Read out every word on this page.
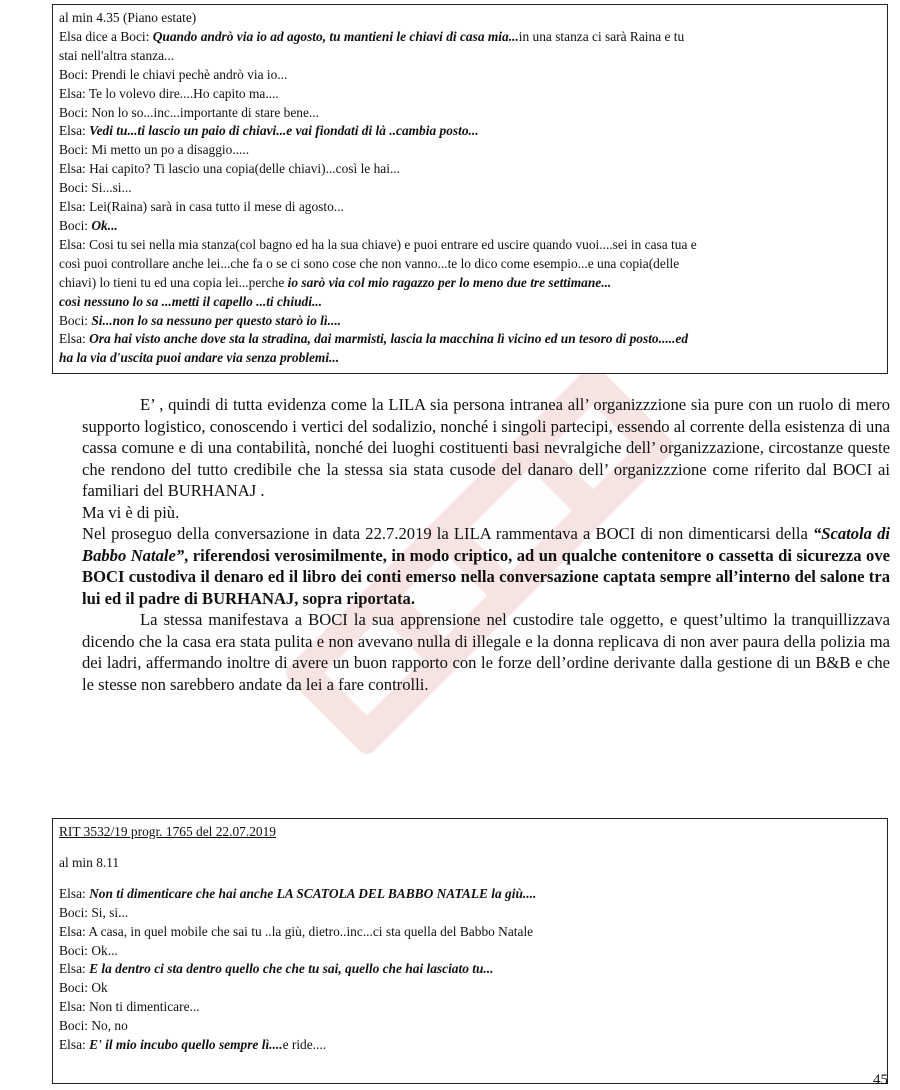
al min 4.35 (Piano estate)
Elsa dice a Boci: Quando andrò via io ad agosto, tu mantieni le chiavi di casa mia...in una stanza ci sarà Raina e tu
stai nell'altra stanza...
Boci: Prendi le chiavi pechè andrò via io...
Elsa: Te lo volevo dire....Ho capito ma....
Boci: Non lo so...inc...importante di stare bene...
Elsa: Vedi tu...ti lascio un paio di chiavi...e vai fiondati di là ..cambia posto...
Boci: Mi metto un po a disaggio.....
Elsa: Hai capito? Ti lascio una copia(delle chiavi)...così le hai...
Boci: Si...si...
Elsa: Lei(Raina) sarà in casa tutto il mese di agosto...
Boci: Ok...
Elsa: Cosi tu sei nella mia stanza(col bagno ed ha la sua chiave) e puoi entrare ed uscire quando vuoi....sei in casa tua e
così puoi controllare anche lei...che fa o se ci sono cose che non vanno...te lo dico come esempio...e una copia(delle
chiavi) lo tieni tu ed una copia lei...perche io sarò via col mio ragazzo per lo meno due tre settimane...
così nessuno lo sa ...metti il capello ...ti chiudi...
Boci: Si...non lo sa nessuno per questo starò io lì....
Elsa: Ora hai visto anche dove sta la stradina, dai marmisti, lascia la macchina lì vicino ed un tesoro di posto.....ed
ha la via d'uscita puoi andare via senza problemi...

E’ , quindi di tutta evidenza come la LILA sia persona intranea all’ organizzzione sia pure con un ruolo di mero supporto logistico, conoscendo i vertici del sodalizio, nonché i singoli partecipi, essendo al corrente della esistenza di una cassa comune e di una contabilità, nonché dei luoghi costituenti basi nevralgiche dell’ organizzazione, circostanze queste che rendono del tutto credibile che la stessa sia stata cusode del danaro dell’ organizzzione come riferito dal BOCI ai familiari del BURHANAJ .

Ma vi è di più.

Nel proseguo della conversazione in data 22.7.2019 la LILA rammentava a BOCI di non dimenticarsi della “Scatola di Babbo Natale”, riferendosi verosimilmente, in modo criptico, ad un qualche contenitore o cassetta di sicurezza ove BOCI custodiva il denaro ed il libro dei conti emerso nella conversazione captata sempre all’interno del salone tra lui ed il padre di BURHANAJ, sopra riportata.

La stessa manifestava a BOCI la sua apprensione nel custodire tale oggetto, e quest’ultimo la tranquillizzava dicendo che la casa era stata pulita e non avevano nulla di illegale e la donna replicava di non aver paura della polizia ma dei ladri, affermando inoltre di avere un buon rapporto con le forze dell’ordine derivante dalla gestione di un B&B e che le stesse non sarebbero andate da lei a fare controlli.

RIT 3532/19 progr. 1765 del 22.07.2019
al min 8.11
Elsa: Non ti dimenticare che hai anche LA SCATOLA DEL BABBO NATALE la giù....
Boci: Si, si...
Elsa: A casa, in quel mobile che sai tu ..la giù, dietro..inc...ci sta quella del Babbo Natale
Boci: Ok...
Elsa: E la dentro ci sta dentro quello che che tu sai, quello che hai lasciato tu...
Boci: Ok
Elsa: Non ti dimenticare...
Boci: No, no
Elsa: E' il mio incubo quello sempre lì....e ride....
45
